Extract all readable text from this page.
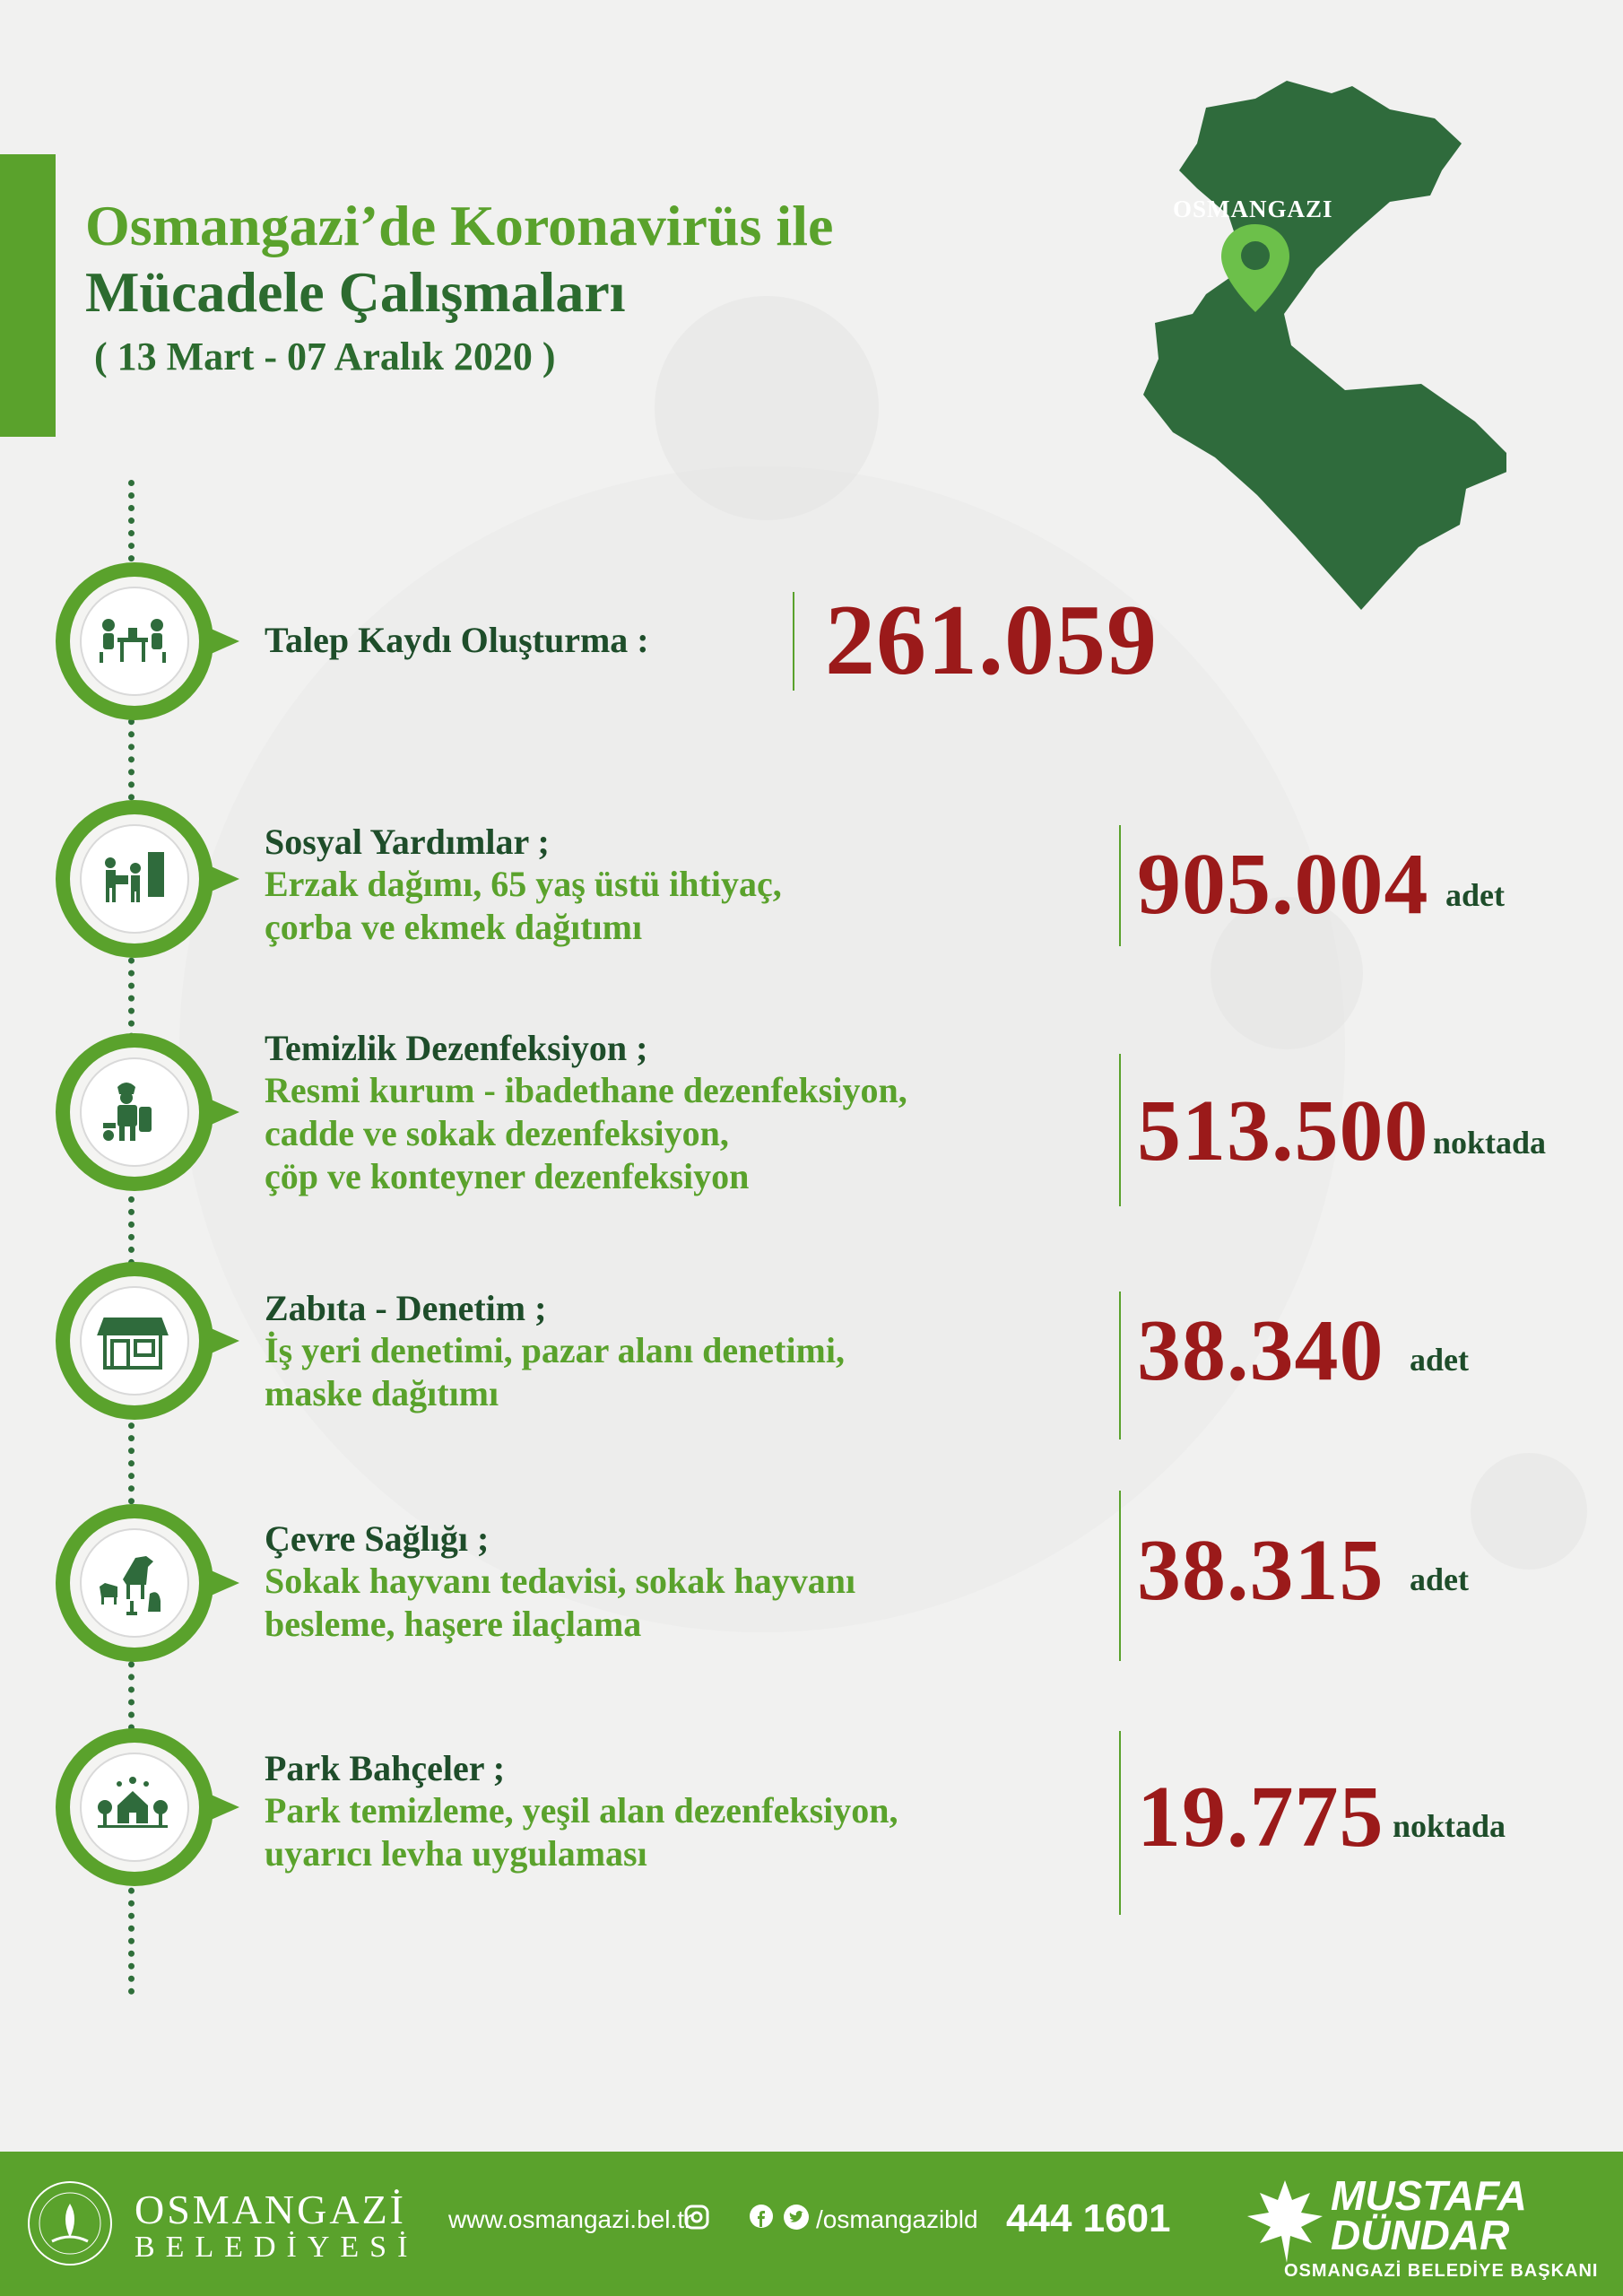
Osmangazi’de Koronavirüs ile
Mücadele Çalışmaları
( 13 Mart - 07 Aralık 2020 )
OSMANGAZI
Talep Kaydı Oluşturma : 261.059
Sosyal Yardımlar ;
Erzak dağımı, 65 yaş üstü ihtiyaç,
çorba ve ekmek dağıtımı	905.004 adet
Temizlik Dezenfeksiyon ;
Resmi kurum - ibadethane dezenfeksiyon,
cadde ve sokak dezenfeksiyon,
çöp ve konteyner dezenfeksiyon	513.500 noktada
Zabıta - Denetim ;
İş yeri denetimi, pazar alanı denetimi,
maske dağıtımı	38.340 adet
Çevre Sağlığı ;
Sokak hayvanı tedavisi, sokak hayvanı
besleme, haşere ilaçlama
38.315 adet
Park Bahçeler ;
Park temizleme, yeşil alan dezenfeksiyon,
uyarıcı levha uygulaması	19.775 noktada
OSMANGAZİ
BELEDİYESİ
www.osmangazi.bel.tr	/osmangazibld 444 1601	MUSTAFA
DÜNDAR
OSMANGAZİ BELEDİYE BAŞKANI
